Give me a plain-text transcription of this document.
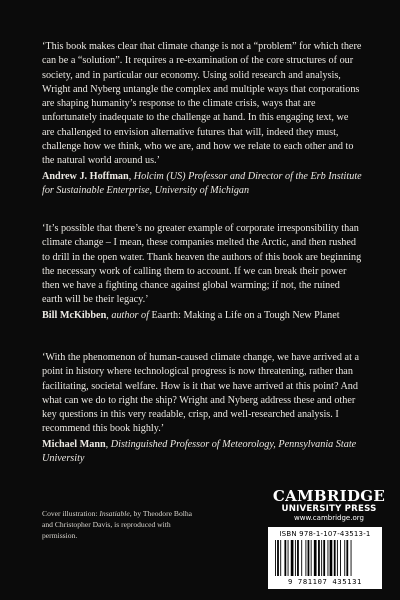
‘This book makes clear that climate change is not a “problem” for which there can be a “solution”. It requires a re-examination of the core structures of our society, and in particular our economy. Using solid research and analysis, Wright and Nyberg untangle the complex and multiple ways that corporations are shaping humanity’s response to the climate crisis, ways that are unfortunately inadequate to the challenge at hand. In this engaging text, we are challenged to envision alternative futures that will, indeed they must, challenge how we think, who we are, and how we relate to each other and to the natural world around us.’

Andrew J. Hoffman, Holcim (US) Professor and Director of the Erb Institute for Sustainable Enterprise, University of Michigan

‘It’s possible that there’s no greater example of corporate irresponsibility than climate change – I mean, these companies melted the Arctic, and then rushed to drill in the open water. Thank heaven the authors of this book are beginning the necessary work of calling them to account. If we can break their power then we have a fighting chance against global warming; if not, the ruined earth will be their legacy.’

Bill McKibben, author of Eaarth: Making a Life on a Tough New Planet

‘With the phenomenon of human-caused climate change, we have arrived at a point in history where technological progress is now threatening, rather than facilitating, societal welfare. How is it that we have arrived at this point? And what can we do to right the ship? Wright and Nyberg address these and other key questions in this very readable, crisp, and well-researched analysis. I recommend this book highly.’

Michael Mann, Distinguished Professor of Meteorology, Pennsylvania State University

Cover illustration: Insatiable, by Theodore Bolha and Christopher Davis, is reproduced with permission.
CAMBRIDGE
UNIVERSITY PRESS
www.cambridge.org
ISBN 978-1-107-43513-1
9 781107 435131
